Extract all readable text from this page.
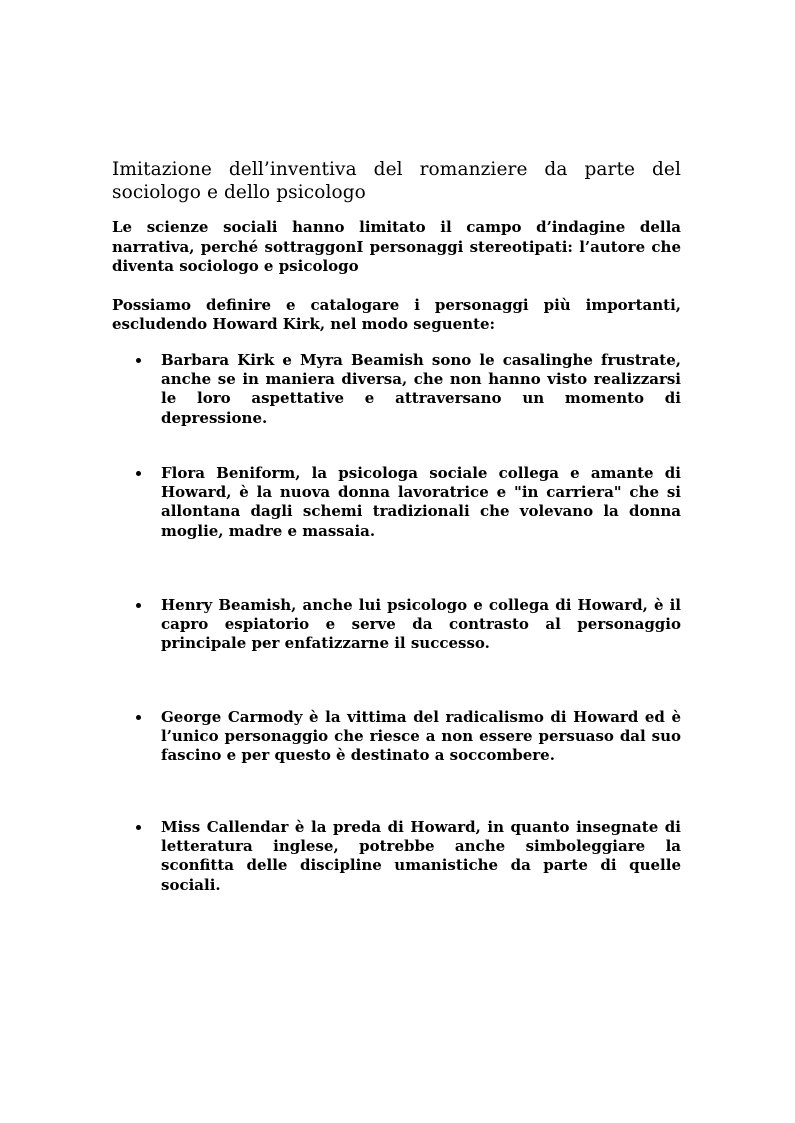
Imitazione dell’inventiva del romanziere da parte del sociologo e dello psicologo

Le scienze sociali hanno limitato il campo d’indagine della narrativa, perché sottraggonI personaggi stereotipati: l’autore che diventa sociologo e psicologo

Possiamo definire e catalogare i personaggi più importanti, escludendo Howard Kirk, nel modo seguente:

Barbara Kirk e Myra Beamish sono le casalinghe frustrate, anche se in maniera diversa, che non hanno visto realizzarsi le loro aspettative e attraversano un momento di depressione.
Flora Beniform, la psicologa sociale collega e amante di Howard, è la nuova donna lavoratrice e "in carriera" che si allontana dagli schemi tradizionali che volevano la donna moglie, madre e massaia.
Henry Beamish, anche lui psicologo e collega di Howard, è il capro espiatorio e serve da contrasto al personaggio principale per enfatizzarne il successo.
George Carmody è la vittima del radicalismo di Howard ed è l’unico personaggio che riesce a non essere persuaso dal suo fascino e per questo è destinato a soccombere.
Miss Callendar è la preda di Howard, in quanto insegnate di letteratura inglese, potrebbe anche simboleggiare la sconfitta delle discipline umanistiche da parte di quelle sociali.
